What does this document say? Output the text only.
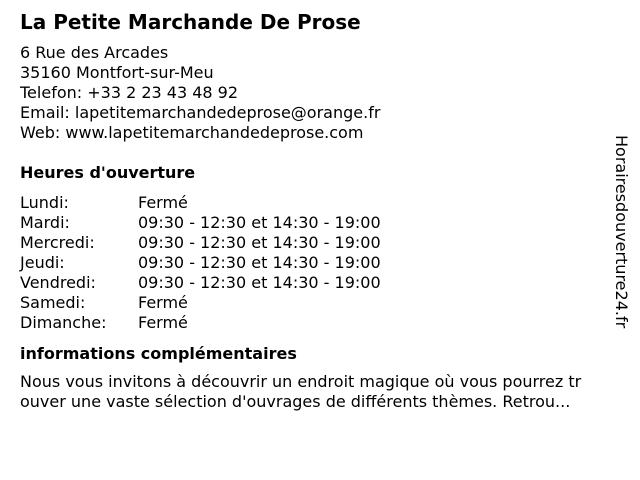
La Petite Marchande De Prose
6 Rue des Arcades
35160 Montfort-sur-Meu
Telefon: +33 2 23 43 48 92
Email: lapetitemarchandedeprose@orange.fr
Web: www.lapetitemarchandedeprose.com
Heures d'ouverture
Lundi:	Fermé
Mardi:	09:30 - 12:30 et 14:30 - 19:00
Mercredi:	09:30 - 12:30 et 14:30 - 19:00
Jeudi:	09:30 - 12:30 et 14:30 - 19:00
Vendredi:	09:30 - 12:30 et 14:30 - 19:00
Samedi:	Fermé
Dimanche:	Fermé
informations complémentaires
Nous vous invitons à découvrir un endroit magique où vous pourrez tr
ouver une vaste sélection d'ouvrages de différents thèmes. Retrou...
Horairesdouverture24.fr
